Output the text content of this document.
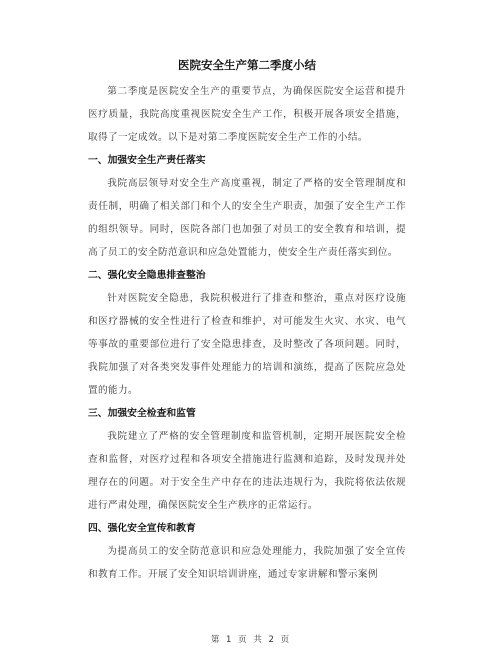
医院安全生产第二季度小结

第二季度是医院安全生产的重要节点，为确保医院安全运营和提升医疗质量，我院高度重视医院安全生产工作，积极开展各项安全措施，取得了一定成效。以下是对第二季度医院安全生产工作的小结。

一、加强安全生产责任落实

我院高层领导对安全生产高度重视，制定了严格的安全管理制度和责任制，明确了相关部门和个人的安全生产职责，加强了安全生产工作的组织领导。同时，医院各部门也加强了对员工的安全教育和培训，提高了员工的安全防范意识和应急处置能力，使安全生产责任落实到位。

二、强化安全隐患排查整治

针对医院安全隐患，我院积极进行了排查和整治，重点对医疗设施和医疗器械的安全性进行了检查和维护，对可能发生火灾、水灾、电气等事故的重要部位进行了安全隐患排查，及时整改了各项问题。同时，我院加强了对各类突发事件处理能力的培训和演练，提高了医院应急处置的能力。

三、加强安全检查和监管

我院建立了严格的安全管理制度和监管机制，定期开展医院安全检查和监督，对医疗过程和各项安全措施进行监测和追踪，及时发现并处理存在的问题。对于安全生产中存在的违法违规行为，我院将依法依规进行严肃处理，确保医院安全生产秩序的正常运行。

四、强化安全宣传和教育

为提高员工的安全防范意识和应急处理能力，我院加强了安全宣传和教育工作。开展了安全知识培训讲座，通过专家讲解和警示案例

第 1 页 共 2 页
